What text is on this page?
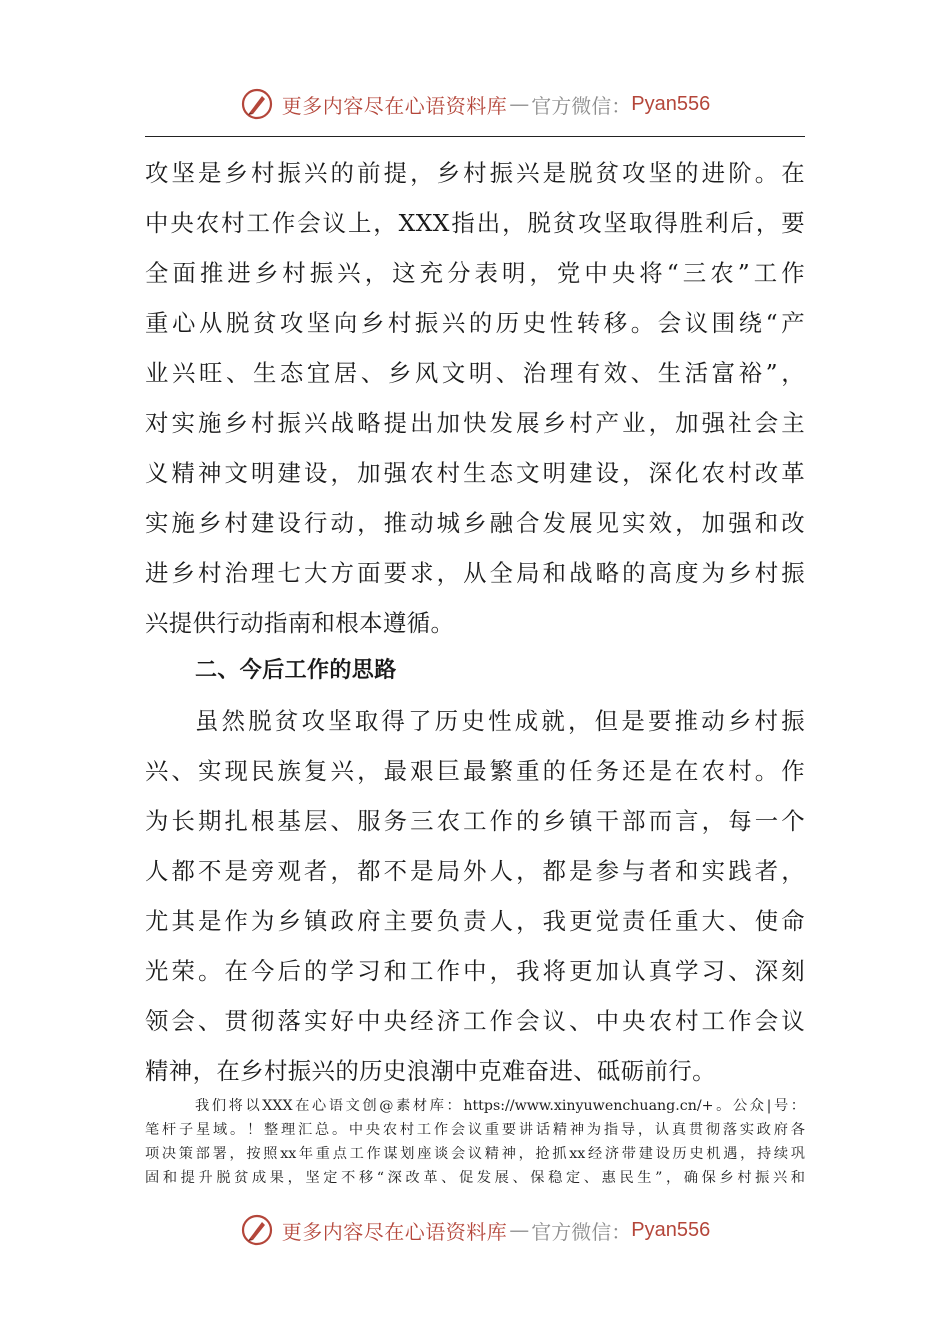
更多内容尽在心语资料库 — 官方微信： Pyan556
攻坚是乡村振兴的前提，乡村振兴是脱贫攻坚的进阶。在
中央农村工作会议上，XXX指出，脱贫攻坚取得胜利后，要
全面推进乡村振兴，这充分表明，党中央将“三农”工作
重心从脱贫攻坚向乡村振兴的历史性转移。会议围绕“产
业兴旺、生态宜居、乡风文明、治理有效、生活富裕”，
对实施乡村振兴战略提出加快发展乡村产业，加强社会主
义精神文明建设，加强农村生态文明建设，深化农村改革
实施乡村建设行动，推动城乡融合发展见实效，加强和改
进乡村治理七大方面要求，从全局和战略的高度为乡村振
兴提供行动指南和根本遵循。
二、今后工作的思路
虽然脱贫攻坚取得了历史性成就，但是要推动乡村振
兴、实现民族复兴，最艰巨最繁重的任务还是在农村。作
为长期扎根基层、服务三农工作的乡镇干部而言，每一个
人都不是旁观者，都不是局外人，都是参与者和实践者，
尤其是作为乡镇政府主要负责人，我更觉责任重大、使命
光荣。在今后的学习和工作中，我将更加认真学习、深刻
领会、贯彻落实好中央经济工作会议、中央农村工作会议
精神，在乡村振兴的历史浪潮中克难奋进、砥砺前行。
我们将以XXX在心语文创@素材库：https://www.xinyuwenchuang.cn/+。公众|号：
笔杆子星域。！整理汇总。中央农村工作会议重要讲话精神为指导，认真贯彻落实政府各
项决策部署，按照xx年重点工作谋划座谈会议精神，抢抓xx经济带建设历史机遇，持续巩
固和提升脱贫成果，坚定不移“深改革、促发展、保稳定、惠民生”，确保乡村振兴和
更多内容尽在心语资料库 — 官方微信： Pyan556
